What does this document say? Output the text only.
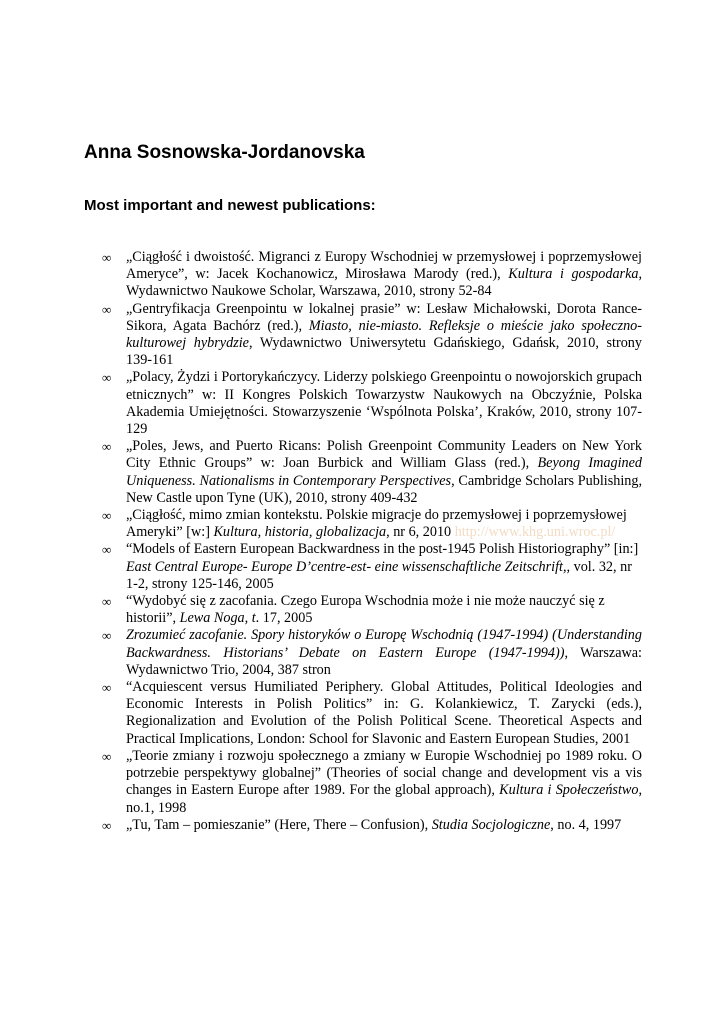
Anna Sosnowska-Jordanovska
Most important and newest publications:
∞ „Ciągłość i dwoistość. Migranci z Europy Wschodniej w przemysłowej i poprzemysłowej Ameryce”, w: Jacek Kochanowicz, Mirosława Marody (red.), Kultura i gospodarka, Wydawnictwo Naukowe Scholar, Warszawa, 2010, strony 52-84
∞ „Gentryfikacja Greenpointu w lokalnej prasie” w: Lesław Michałowski, Dorota Rance-Sikora, Agata Bachórz (red.), Miasto, nie-miasto. Refleksje o mieście jako społeczno-kulturowej hybrydzie, Wydawnictwo Uniwersytetu Gdańskiego, Gdańsk, 2010, strony 139-161
∞ „Polacy, Żydzi i Portorykańczycy. Liderzy polskiego Greenpointu o nowojorskich grupach etnicznych” w: II Kongres Polskich Towarzystw Naukowych na Obczyźnie, Polska Akademia Umiejętności. Stowarzyszenie ‘Wspólnota Polska’, Kraków, 2010, strony 107-129
∞ „Poles, Jews, and Puerto Ricans: Polish Greenpoint Community Leaders on New York City Ethnic Groups” w: Joan Burbick and William Glass (red.), Beyong Imagined Uniqueness. Nationalisms in Contemporary Perspectives, Cambridge Scholars Publishing, New Castle upon Tyne (UK), 2010, strony 409-432
∞ „Ciągłość, mimo zmian kontekstu. Polskie migracje do przemysłowej i poprzemysłowej Ameryki” [w:] Kultura, historia, globalizacja, nr 6, 2010 http://www.khg.uni.wroc.pl/
∞ “Models of Eastern European Backwardness in the post-1945 Polish Historiography” [in:] East Central Europe- Europe D’centre-est- eine wissenschaftliche Zeitschrift,, vol. 32, nr 1-2, strony 125-146, 2005
∞ “Wydobyć się z zacofania. Czego Europa Wschodnia może i nie może nauczyć się z historii”, Lewa Noga, t. 17, 2005
∞ Zrozumieć zacofanie. Spory historyków o Europę Wschodnią (1947-1994) (Understanding Backwardness. Historians’ Debate on Eastern Europe (1947-1994)), Warszawa: Wydawnictwo Trio, 2004, 387 stron
∞ “Acquiescent versus Humiliated Periphery. Global Attitudes, Political Ideologies and Economic Interests in Polish Politics” in: G. Kolankiewicz, T. Zarycki (eds.), Regionalization and Evolution of the Polish Political Scene. Theoretical Aspects and Practical Implications, London: School for Slavonic and Eastern European Studies, 2001
∞ „Teorie zmiany i rozwoju społecznego a zmiany w Europie Wschodniej po 1989 roku. O potrzebie perspektywy globalnej” (Theories of social change and development vis a vis changes in Eastern Europe after 1989. For the global approach), Kultura i Społeczeństwo, no.1, 1998
∞ „Tu, Tam – pomieszanie” (Here, There – Confusion), Studia Socjologiczne, no. 4, 1997
